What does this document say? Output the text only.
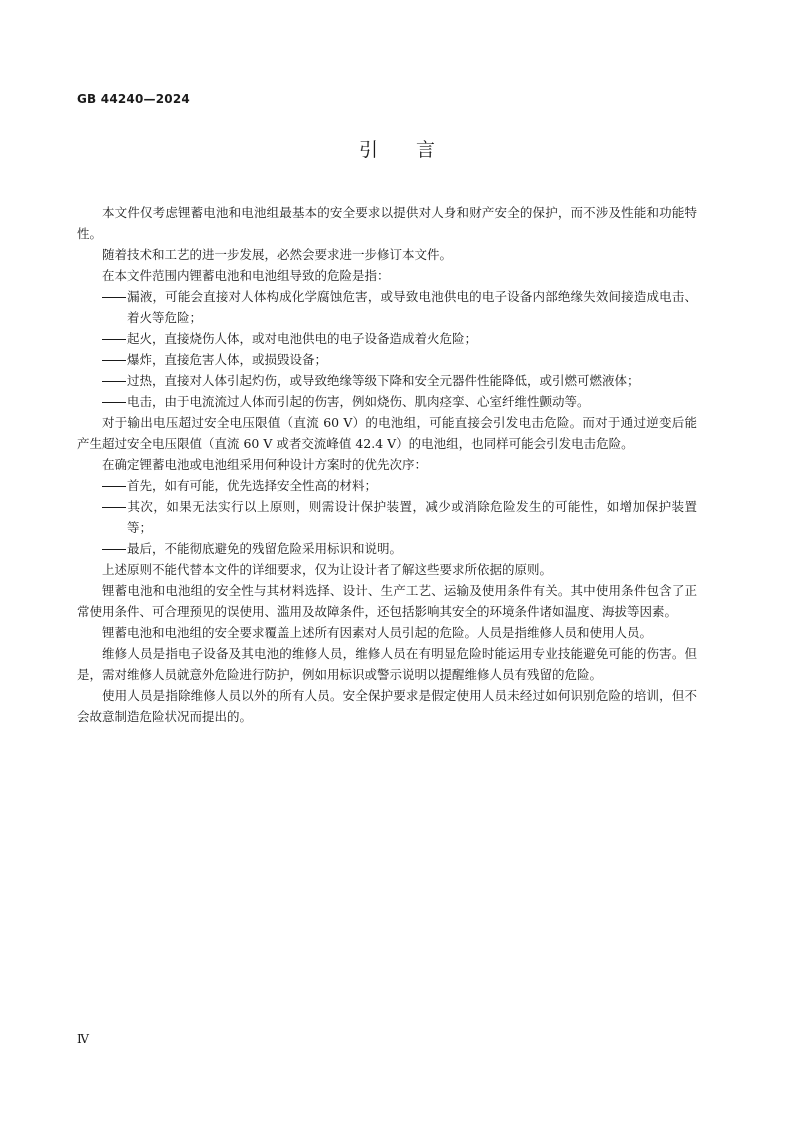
GB 44240—2024
引言

本文件仅考虑锂蓄电池和电池组最基本的安全要求以提供对人身和财产安全的保护，而不涉及性能和功能特性。

随着技术和工艺的进一步发展，必然会要求进一步修订本文件。

在本文件范围内锂蓄电池和电池组导致的危险是指：

漏液，可能会直接对人体构成化学腐蚀危害，或导致电池供电的电子设备内部绝缘失效间接造成电击、着火等危险；

起火，直接烧伤人体，或对电池供电的电子设备造成着火危险；

爆炸，直接危害人体，或损毁设备；

过热，直接对人体引起灼伤，或导致绝缘等级下降和安全元器件性能降低，或引燃可燃液体；

电击，由于电流流过人体而引起的伤害，例如烧伤、肌肉痉挛、心室纤维性颤动等。

对于输出电压超过安全电压限值（直流 60 V）的电池组，可能直接会引发电击危险。而对于通过逆变后能产生超过安全电压限值（直流 60 V 或者交流峰值 42.4 V）的电池组，也同样可能会引发电击危险。

在确定锂蓄电池或电池组采用何种设计方案时的优先次序：

首先，如有可能，优先选择安全性高的材料；

其次，如果无法实行以上原则，则需设计保护装置，减少或消除危险发生的可能性，如增加保护装置等；

最后，不能彻底避免的残留危险采用标识和说明。

上述原则不能代替本文件的详细要求，仅为让设计者了解这些要求所依据的原则。

锂蓄电池和电池组的安全性与其材料选择、设计、生产工艺、运输及使用条件有关。其中使用条件包含了正常使用条件、可合理预见的误使用、滥用及故障条件，还包括影响其安全的环境条件诸如温度、海拔等因素。

锂蓄电池和电池组的安全要求覆盖上述所有因素对人员引起的危险。人员是指维修人员和使用人员。

维修人员是指电子设备及其电池的维修人员，维修人员在有明显危险时能运用专业技能避免可能的伤害。但是，需对维修人员就意外危险进行防护，例如用标识或警示说明以提醒维修人员有残留的危险。

使用人员是指除维修人员以外的所有人员。安全保护要求是假定使用人员未经过如何识别危险的培训，但不会故意制造危险状况而提出的。

Ⅳ
